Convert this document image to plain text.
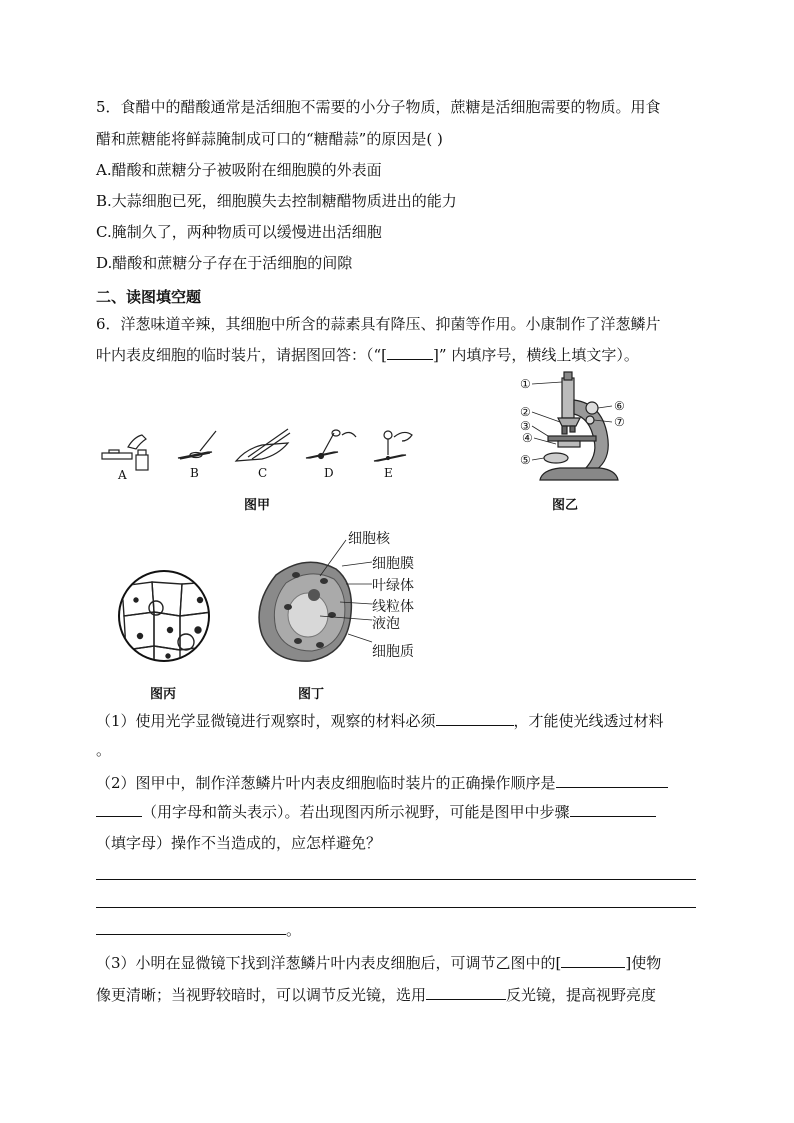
5．食醋中的醋酸通常是活细胞不需要的小分子物质，蔗糖是活细胞需要的物质。用食
醋和蔗糖能将鲜蒜腌制成可口的“糖醋蒜”的原因是( )
A.醋酸和蔗糖分子被吸附在细胞膜的外表面
B.大蒜细胞已死，细胞膜失去控制糖醋物质进出的能力
C.腌制久了，两种物质可以缓慢进出活细胞
D.醋酸和蔗糖分子存在于活细胞的间隙
二、读图填空题
6．洋葱味道辛辣，其细胞中所含的蒜素具有降压、抑菌等作用。小康制作了洋葱鳞片
叶内表皮细胞的临时装片，请据图回答：（“[	]” 内填序号，横线上填文字）。
A	B	C	D	E
图甲
①
②
③
④
⑤
⑥
⑦
图乙
图丙
细胞核
细胞膜
叶绿体
线粒体
液泡
细胞质
图丁
（1）使用光学显微镜进行观察时，观察的材料必须	，才能使光线透过材料
。
（2）图甲中，制作洋葱鳞片叶内表皮细胞临时装片的正确操作顺序是
（用字母和箭头表示）。若出现图丙所示视野，可能是图甲中步骤
（填字母）操作不当造成的，应怎样避免？
。
（3）小明在显微镜下找到洋葱鳞片叶内表皮细胞后，可调节乙图中的[	]使物
像更清晰；当视野较暗时，可以调节反光镜，选用	反光镜，提高视野亮度
